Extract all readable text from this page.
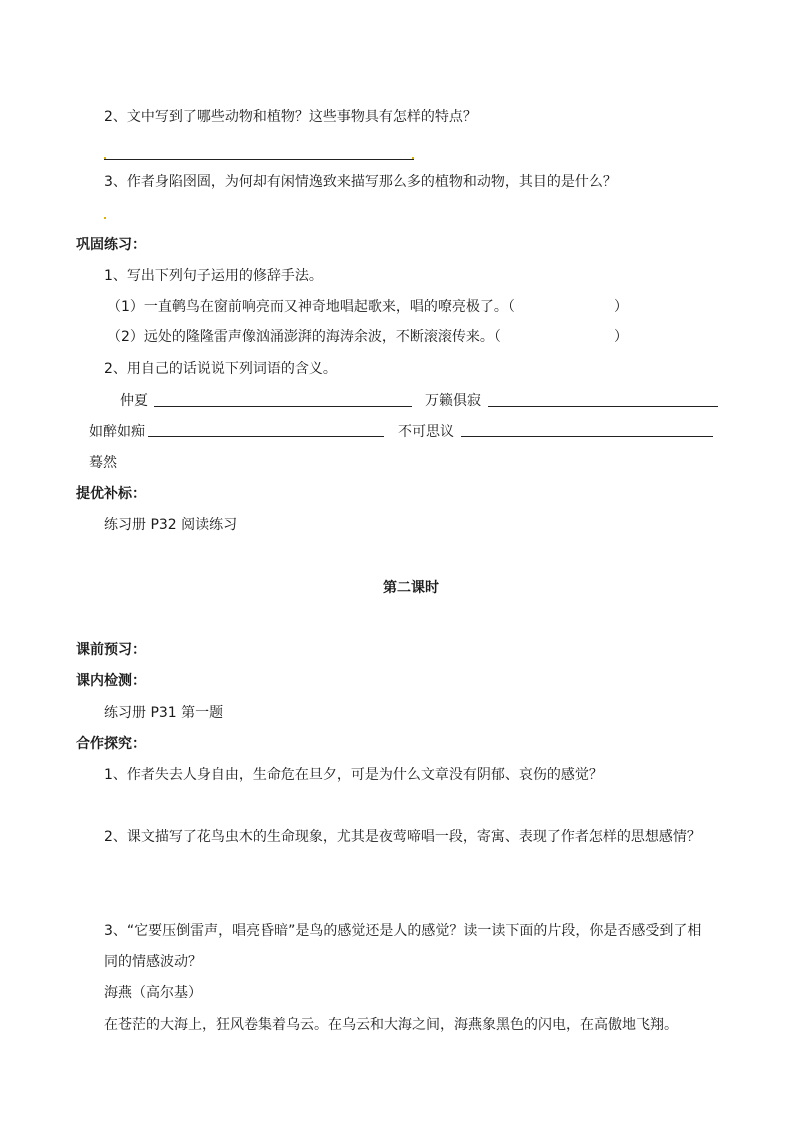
2、文中写到了哪些动物和植物？这些事物具有怎样的特点？
3、作者身陷囹圄，为何却有闲情逸致来描写那么多的植物和动物，其目的是什么？
巩固练习：
1、写出下列句子运用的修辞手法。
（1）一直鹌鸟在窗前响亮而又神奇地唱起歌来，唱的嘹亮极了。（	）
（2）远处的隆隆雷声像汹涌澎湃的海涛余波，不断滚滚传来。（	）
2、用自己的话说说下列词语的含义。
仲夏	万籁俱寂
如醉如痴	不可思议
蓦然
提优补标：
练习册 P32 阅读练习
第二课时
课前预习：
课内检测：
练习册 P31 第一题
合作探究：
1、作者失去人身自由，生命危在旦夕，可是为什么文章没有阴郁、哀伤的感觉？
2、课文描写了花鸟虫木的生命现象，尤其是夜莺啼唱一段，寄寓、表现了作者怎样的思想感情？
3、“它要压倒雷声，唱亮昏暗”是鸟的感觉还是人的感觉？读一读下面的片段，你是否感受到了相
同的情感波动？
海燕（高尔基）
在苍茫的大海上，狂风卷集着乌云。在乌云和大海之间，海燕象黑色的闪电，在高傲地飞翔。
